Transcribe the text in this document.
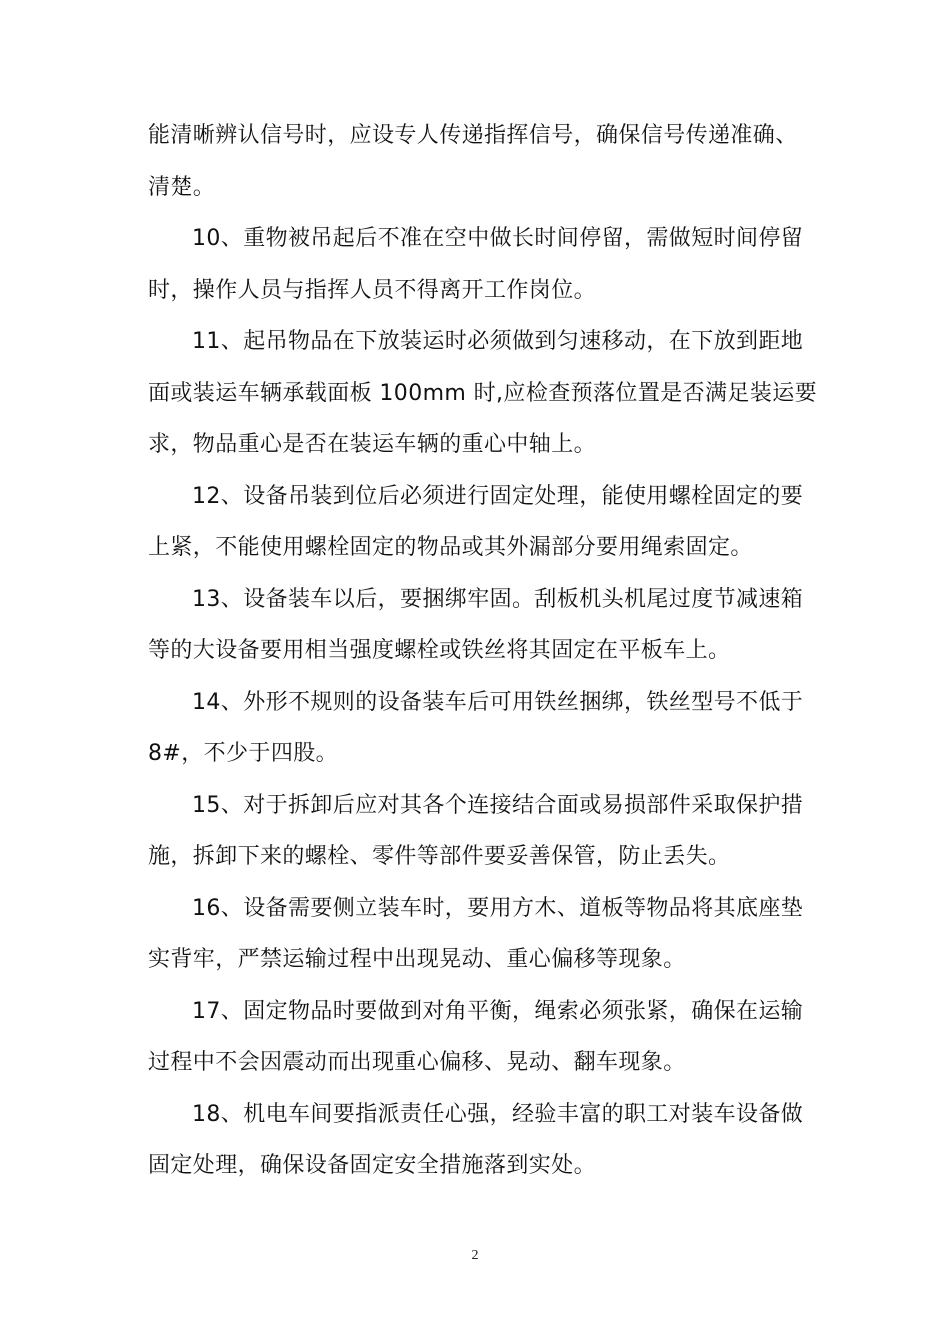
能清晰辨认信号时，应设专人传递指挥信号，确保信号传递准确、
清楚。
10、重物被吊起后不准在空中做长时间停留，需做短时间停留
时，操作人员与指挥人员不得离开工作岗位。
11、起吊物品在下放装运时必须做到匀速移动，在下放到距地
面或装运车辆承载面板 100mm 时,应检查预落位置是否满足装运要
求，物品重心是否在装运车辆的重心中轴上。
12、设备吊装到位后必须进行固定处理，能使用螺栓固定的要
上紧，不能使用螺栓固定的物品或其外漏部分要用绳索固定。
13、设备装车以后，要捆绑牢固。刮板机头机尾过度节减速箱
等的大设备要用相当强度螺栓或铁丝将其固定在平板车上。
14、外形不规则的设备装车后可用铁丝捆绑，铁丝型号不低于
8#，不少于四股。
15、对于拆卸后应对其各个连接结合面或易损部件采取保护措
施，拆卸下来的螺栓、零件等部件要妥善保管，防止丢失。
16、设备需要侧立装车时，要用方木、道板等物品将其底座垫
实背牢，严禁运输过程中出现晃动、重心偏移等现象。
17、固定物品时要做到对角平衡，绳索必须张紧，确保在运输
过程中不会因震动而出现重心偏移、晃动、翻车现象。
18、机电车间要指派责任心强，经验丰富的职工对装车设备做
固定处理，确保设备固定安全措施落到实处。
2
